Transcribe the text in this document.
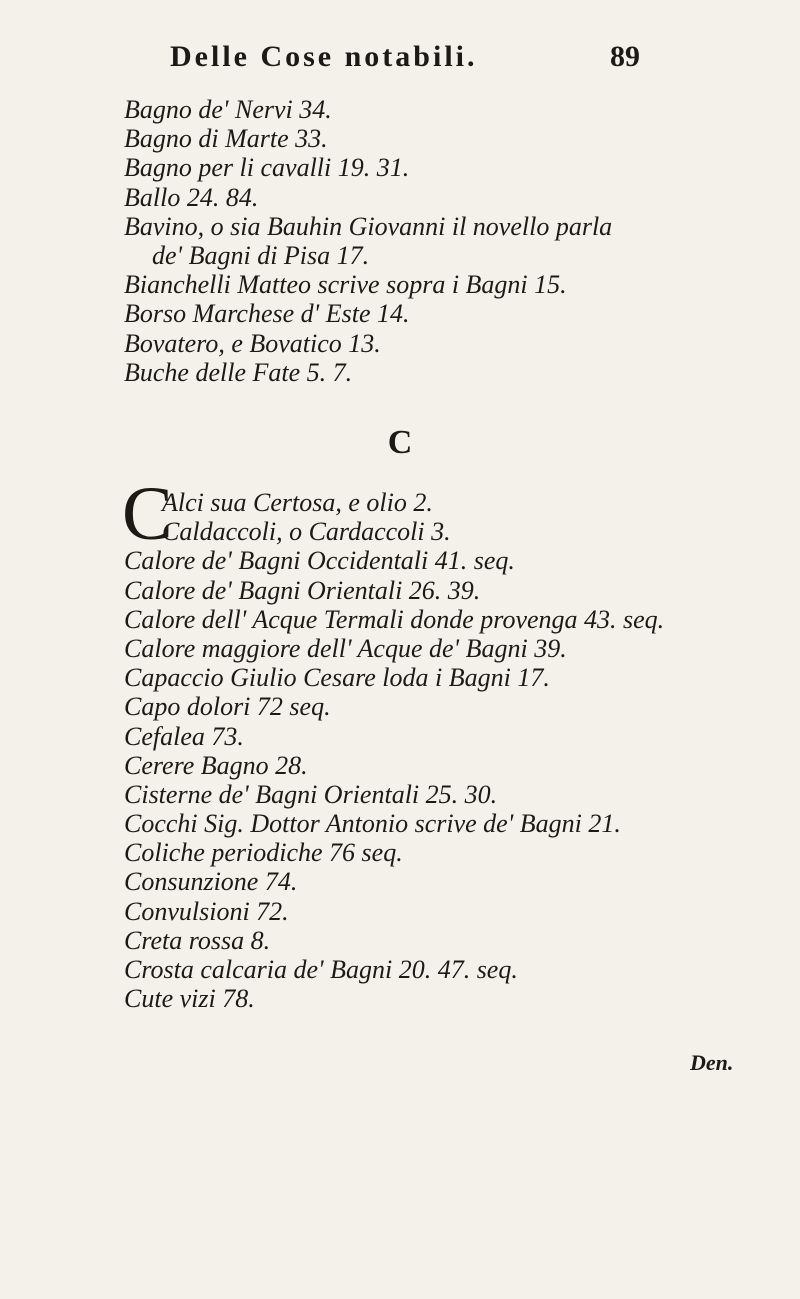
Delle Cose notabili.	89
Bagno de' Nervi 34.
Bagno di Marte 33.
Bagno per li cavalli 19. 31.
Ballo 24. 84.
Bavino, o sia Bauhin Giovanni il novello parla
de' Bagni di Pisa 17.
Bianchelli Matteo scrive sopra i Bagni 15.
Borso Marchese d' Este 14.
Bovatero, e Bovatico 13.
Buche delle Fate 5. 7.
C
C
Alci sua Certosa, e olio 2.
Caldaccoli, o Cardaccoli 3.
Calore de' Bagni Occidentali 41. seq.
Calore de' Bagni Orientali 26. 39.
Calore dell' Acque Termali donde provenga 43. seq.
Calore maggiore dell' Acque de' Bagni 39.
Capaccio Giulio Cesare loda i Bagni 17.
Capo dolori 72 seq.
Cefalea 73.
Cerere Bagno 28.
Cisterne de' Bagni Orientali 25. 30.
Cocchi Sig. Dottor Antonio scrive de' Bagni 21.
Coliche periodiche 76 seq.
Consunzione 74.
Convulsioni 72.
Creta rossa 8.
Crosta calcaria de' Bagni 20. 47. seq.
Cute vizi 78.
Den.
